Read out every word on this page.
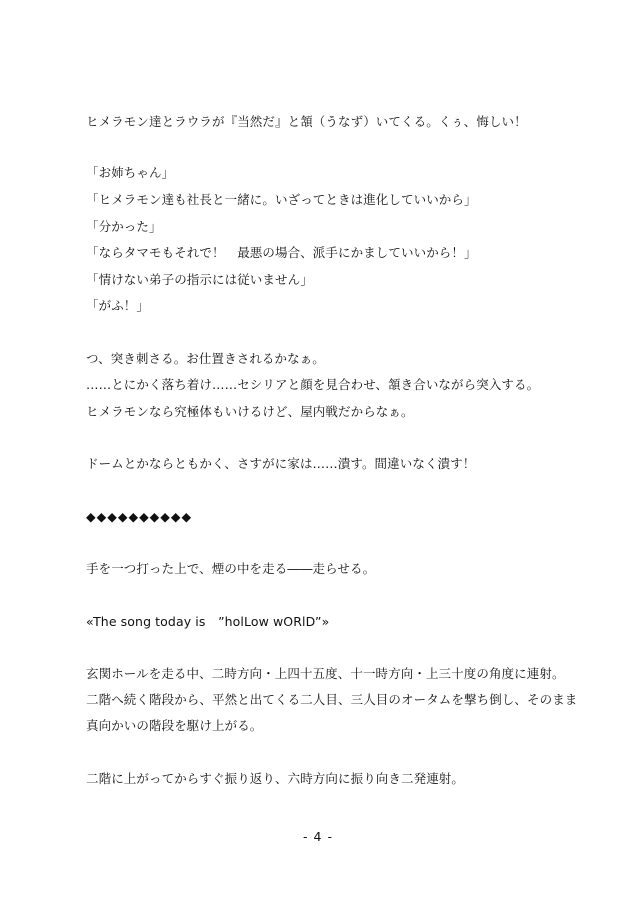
ヒメラモン達とラウラが『当然だ』と頷（うなず）いてくる。くぅ、悔しい！
「お姉ちゃん」
「ヒメラモン達も社長と一緒に。いざってときは進化していいから」
「分かった」
「ならタマモもそれで！　最悪の場合、派手にかましていいから！」
「情けない弟子の指示には従いません」
「がふ！」
つ、突き刺さる。お仕置きされるかなぁ。
……とにかく落ち着け……セシリアと顔を見合わせ、頷き合いながら突入する。
ヒメラモンなら究極体もいけるけど、屋内戦だからなぁ。
ドームとかならともかく、さすがに家は……潰す。間違いなく潰す！
◆◆◆◆◆◆◆◆◆◆
手を一つ打った上で、煙の中を走る――走らせる。
«The song today is　”holLow wORlD”»
玄関ホールを走る中、二時方向・上四十五度、十一時方向・上三十度の角度に連射。
二階へ続く階段から、平然と出てくる二人目、三人目のオータムを撃ち倒し、そのまま
真向かいの階段を駆け上がる。
二階に上がってからすぐ振り返り、六時方向に振り向き二発連射。
- 4 -
